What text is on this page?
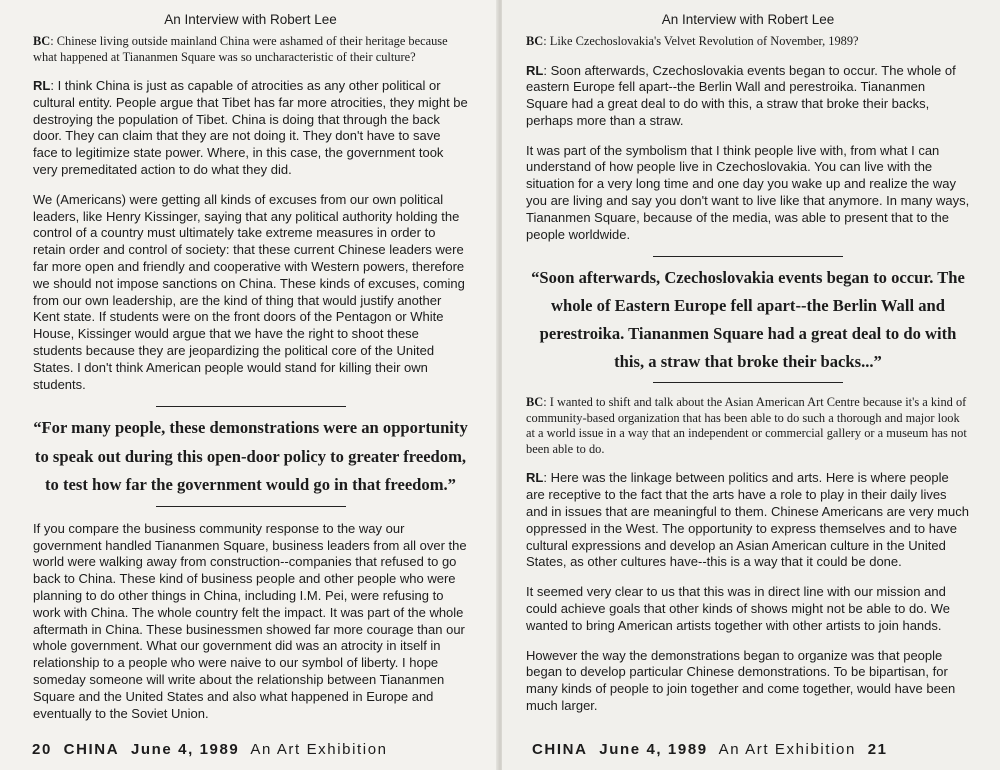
An Interview with Robert Lee

BC: Chinese living outside mainland China were ashamed of their heritage because what happened at Tiananmen Square was so uncharacteristic of their culture?

RL: I think China is just as capable of atrocities as any other political or cultural entity. People argue that Tibet has far more atrocities, they might be destroying the population of Tibet. China is doing that through the back door. They can claim that they are not doing it. They don't have to save face to legitimize state power. Where, in this case, the government took very premeditated action to do what they did.

We (Americans) were getting all kinds of excuses from our own political leaders, like Henry Kissinger, saying that any political authority holding the control of a country must ultimately take extreme measures in order to retain order and control of society: that these current Chinese leaders were far more open and friendly and cooperative with Western powers, therefore we should not impose sanctions on China. These kinds of excuses, coming from our own leadership, are the kind of thing that would justify another Kent state. If students were on the front doors of the Pentagon or White House, Kissinger would argue that we have the right to shoot these students because they are jeopardizing the political core of the United States. I don't think American people would stand for killing their own students.

“For many people, these demonstrations were an opportunity to speak out during this open-door policy to greater freedom, to test how far the government would go in that freedom.”

If you compare the business community response to the way our government handled Tiananmen Square, business leaders from all over the world were walking away from construction--companies that refused to go back to China. These kind of business people and other people who were planning to do other things in China, including I.M. Pei, were refusing to work with China. The whole country felt the impact. It was part of the whole aftermath in China. These businessmen showed far more courage than our whole government. What our government did was an atrocity in itself in relationship to a people who were naive to our symbol of liberty. I hope someday someone will write about the relationship between Tiananmen Square and the United States and also what happened in Europe and eventually to the Soviet Union.

20 CHINA June 4, 1989 An Art Exhibition
An Interview with Robert Lee

BC: Like Czechoslovakia's Velvet Revolution of November, 1989?

RL: Soon afterwards, Czechoslovakia events began to occur. The whole of eastern Europe fell apart--the Berlin Wall and perestroika. Tiananmen Square had a great deal to do with this, a straw that broke their backs, perhaps more than a straw.

It was part of the symbolism that I think people live with, from what I can understand of how people live in Czechoslovakia. You can live with the situation for a very long time and one day you wake up and realize the way you are living and say you don't want to live like that anymore. In many ways, Tiananmen Square, because of the media, was able to present that to the people worldwide.

“Soon afterwards, Czechoslovakia events began to occur. The whole of Eastern Europe fell apart--the Berlin Wall and perestroika. Tiananmen Square had a great deal to do with this, a straw that broke their backs...”

BC: I wanted to shift and talk about the Asian American Art Centre because it's a kind of community-based organization that has been able to do such a thorough and major look at a world issue in a way that an independent or commercial gallery or a museum has not been able to do.

RL: Here was the linkage between politics and arts. Here is where people are receptive to the fact that the arts have a role to play in their daily lives and in issues that are meaningful to them. Chinese Americans are very much oppressed in the West. The opportunity to express themselves and to have cultural expressions and develop an Asian American culture in the United States, as other cultures have--this is a way that it could be done.

It seemed very clear to us that this was in direct line with our mission and could achieve goals that other kinds of shows might not be able to do. We wanted to bring American artists together with other artists to join hands.

However the way the demonstrations began to organize was that people began to develop particular Chinese demonstrations. To be bipartisan, for many kinds of people to join together and come together, would have been much larger.

CHINA June 4, 1989 An Art Exhibition 21
